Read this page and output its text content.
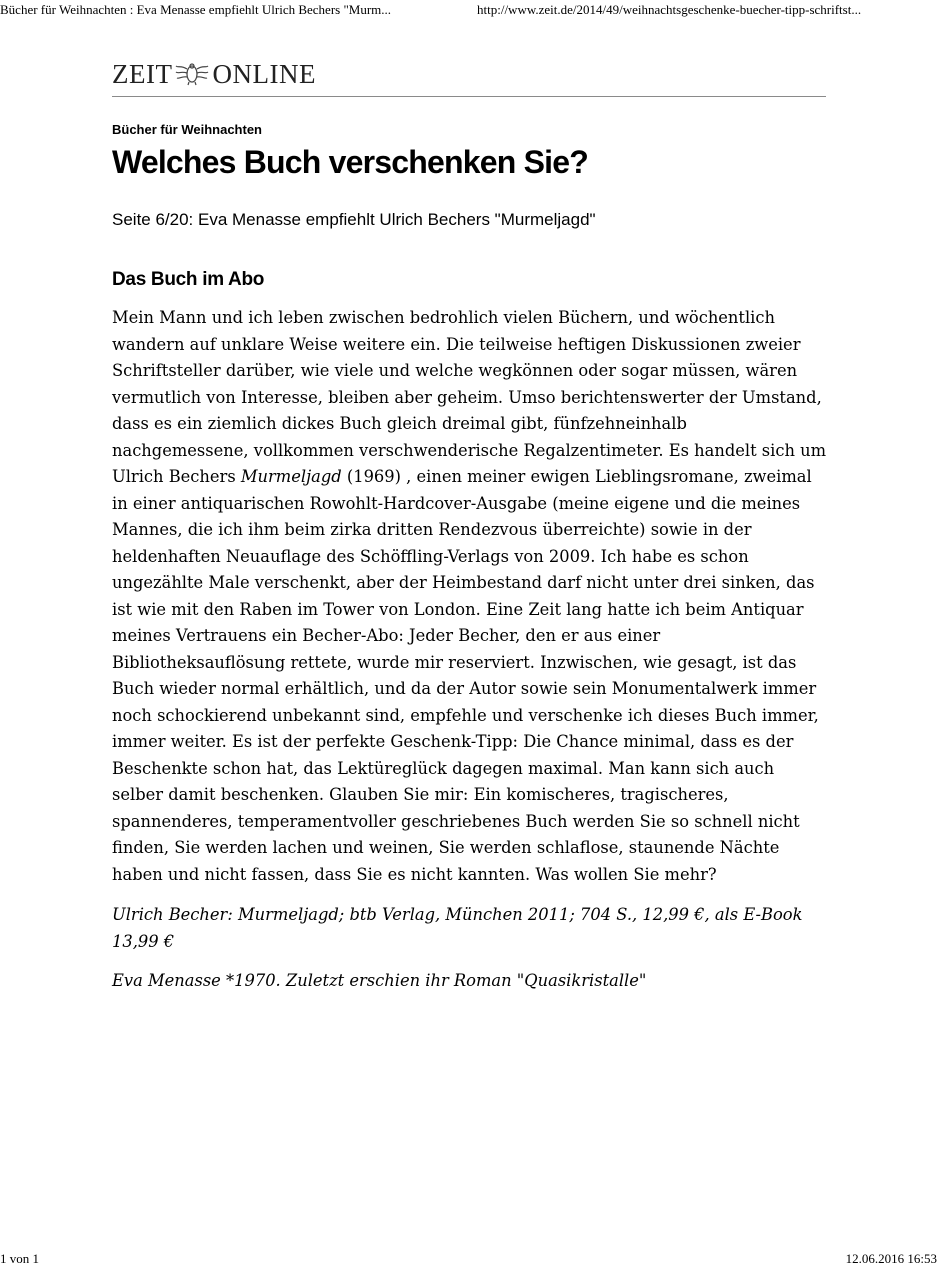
Bücher für Weihnachten : Eva Menasse empfiehlt Ulrich Bechers "Murm...	http://www.zeit.de/2014/49/weihnachtsgeschenke-buecher-tipp-schriftst...
ZEIT ONLINE
Bücher für Weihnachten
Welches Buch verschenken Sie?
Seite 6/20: Eva Menasse empfiehlt Ulrich Bechers "Murmeljagd"
Das Buch im Abo

Mein Mann und ich leben zwischen bedrohlich vielen Büchern, und wöchentlich wandern auf unklare Weise weitere ein. Die teilweise heftigen Diskussionen zweier Schriftsteller darüber, wie viele und welche wegkönnen oder sogar müssen, wären vermutlich von Interesse, bleiben aber geheim. Umso berichtenswerter der Umstand, dass es ein ziemlich dickes Buch gleich dreimal gibt, fünfzehneinhalb nachgemessene, vollkommen verschwenderische Regalzentimeter. Es handelt sich um Ulrich Bechers Murmeljagd (1969) , einen meiner ewigen Lieblingsromane, zweimal in einer antiquarischen Rowohlt-Hardcover-Ausgabe (meine eigene und die meines Mannes, die ich ihm beim zirka dritten Rendezvous überreichte) sowie in der heldenhaften Neuauflage des Schöffling-Verlags von 2009. Ich habe es schon ungezählte Male verschenkt, aber der Heimbestand darf nicht unter drei sinken, das ist wie mit den Raben im Tower von London. Eine Zeit lang hatte ich beim Antiquar meines Vertrauens ein Becher-Abo: Jeder Becher, den er aus einer Bibliotheksauflösung rettete, wurde mir reserviert. Inzwischen, wie gesagt, ist das Buch wieder normal erhältlich, und da der Autor sowie sein Monumentalwerk immer noch schockierend unbekannt sind, empfehle und verschenke ich dieses Buch immer, immer weiter. Es ist der perfekte Geschenk-Tipp: Die Chance minimal, dass es der Beschenkte schon hat, das Lektüreglück dagegen maximal. Man kann sich auch selber damit beschenken. Glauben Sie mir: Ein komischeres, tragischeres, spannenderes, temperamentvoller geschriebenes Buch werden Sie so schnell nicht finden, Sie werden lachen und weinen, Sie werden schlaflose, staunende Nächte haben und nicht fassen, dass Sie es nicht kannten. Was wollen Sie mehr?

Ulrich Becher: Murmeljagd; btb Verlag, München 2011; 704 S., 12,99 €, als E-Book 13,99 €

Eva Menasse *1970. Zuletzt erschien ihr Roman "Quasikristalle"

1 von 1	12.06.2016 16:53
